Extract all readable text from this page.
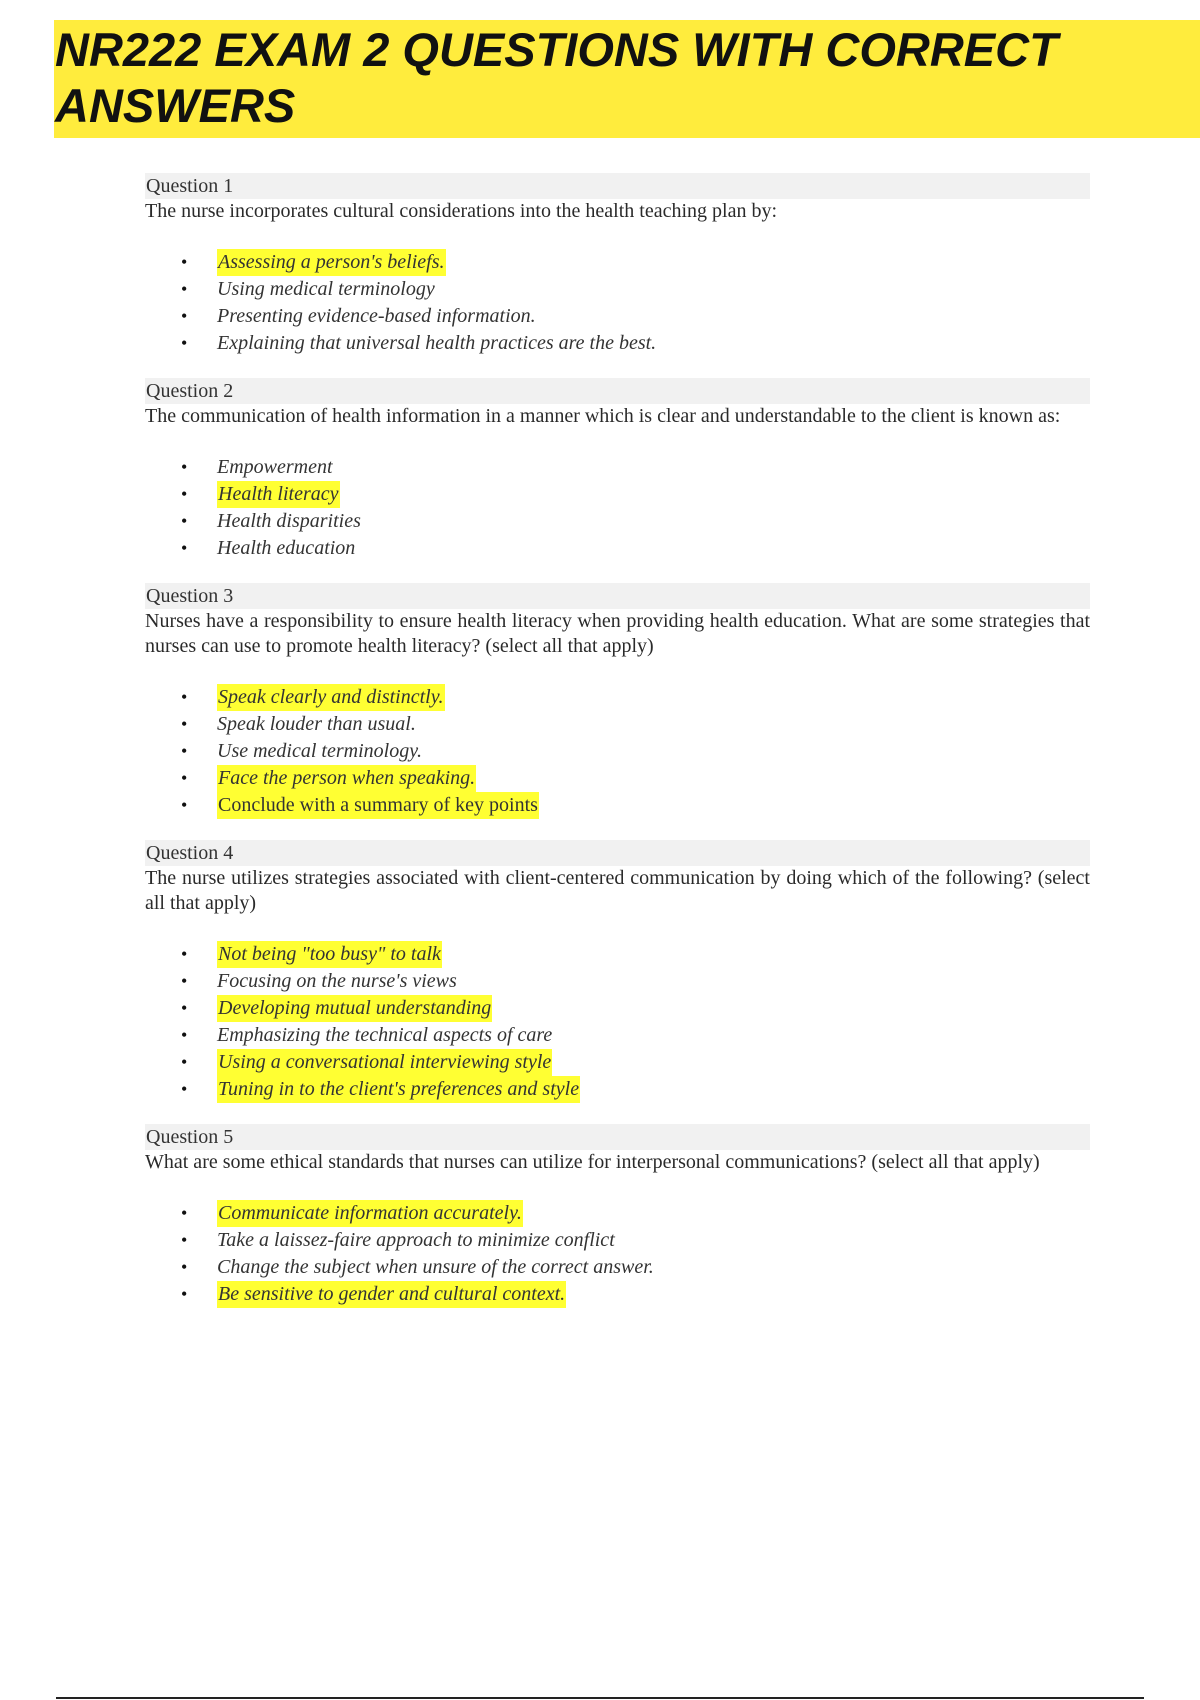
NR222 EXAM 2 QUESTIONS WITH CORRECT ANSWERS
Question 1
The nurse incorporates cultural considerations into the health teaching plan by:
• Assessing a person's beliefs.
• Using medical terminology
• Presenting evidence-based information.
• Explaining that universal health practices are the best.
Question 2
The communication of health information in a manner which is clear and understandable to the client is known as:
• Empowerment
• Health literacy
• Health disparities
• Health education
Question 3
Nurses have a responsibility to ensure health literacy when providing health education. What are some strategies that nurses can use to promote health literacy? (select all that apply)
• Speak clearly and distinctly.
• Speak louder than usual.
• Use medical terminology.
• Face the person when speaking.
• Conclude with a summary of key points
Question 4
The nurse utilizes strategies associated with client-centered communication by doing which of the following? (select all that apply)
• Not being "too busy" to talk
• Focusing on the nurse's views
• Developing mutual understanding
• Emphasizing the technical aspects of care
• Using a conversational interviewing style
• Tuning in to the client's preferences and style
Question 5
What are some ethical standards that nurses can utilize for interpersonal communications? (select all that apply)
• Communicate information accurately.
• Take a laissez-faire approach to minimize conflict
• Change the subject when unsure of the correct answer.
• Be sensitive to gender and cultural context.
